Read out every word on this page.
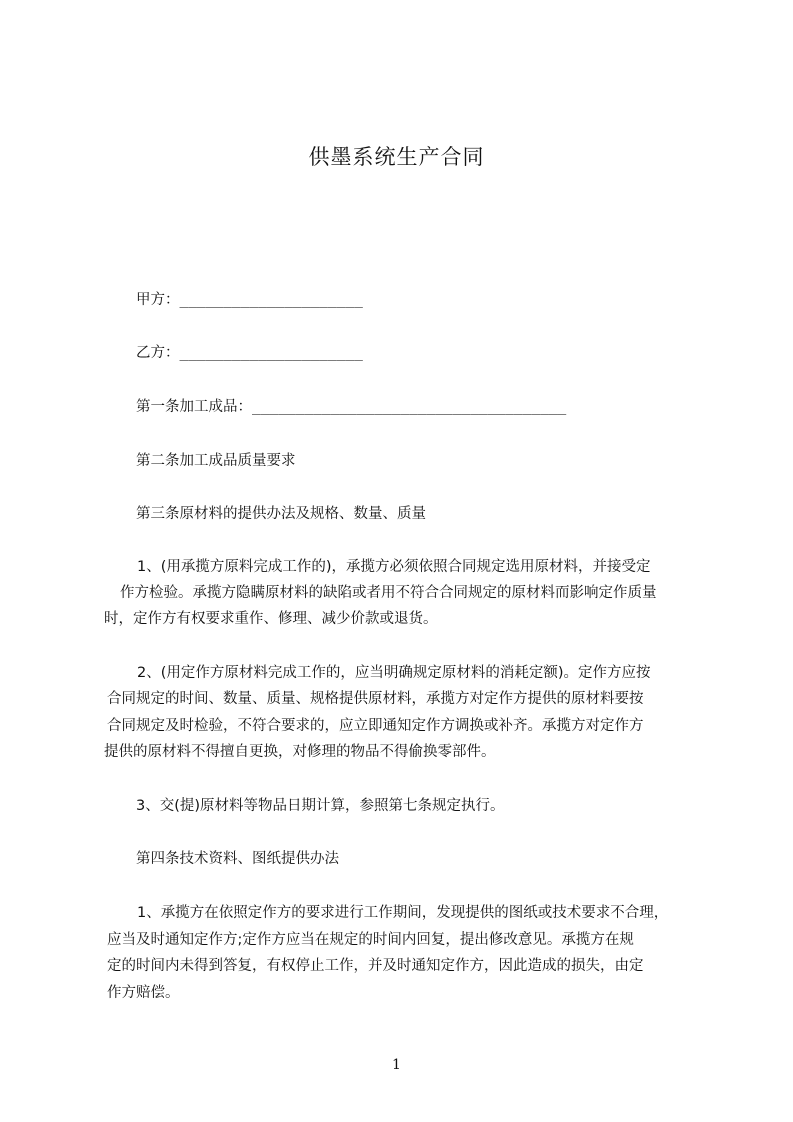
供墨系统生产合同
甲方：_____________________
乙方：_____________________
第一条加工成品：____________________________________
第二条加工成品质量要求
第三条原材料的提供办法及规格、数量、质量
1、(用承揽方原料完成工作的)，承揽方必须依照合同规定选用原材料，并接受定
作方检验。承揽方隐瞒原材料的缺陷或者用不符合合同规定的原材料而影响定作质量
时，定作方有权要求重作、修理、减少价款或退货。
2、(用定作方原材料完成工作的，应当明确规定原材料的消耗定额)。定作方应按
合同规定的时间、数量、质量、规格提供原材料，承揽方对定作方提供的原材料要按
合同规定及时检验，不符合要求的，应立即通知定作方调换或补齐。承揽方对定作方
提供的原材料不得擅自更换，对修理的物品不得偷换零部件。
3、交(提)原材料等物品日期计算，参照第七条规定执行。
第四条技术资料、图纸提供办法
1、承揽方在依照定作方的要求进行工作期间，发现提供的图纸或技术要求不合理，
应当及时通知定作方;定作方应当在规定的时间内回复，提出修改意见。承揽方在规
定的时间内未得到答复，有权停止工作，并及时通知定作方，因此造成的损失，由定
作方赔偿。
1
